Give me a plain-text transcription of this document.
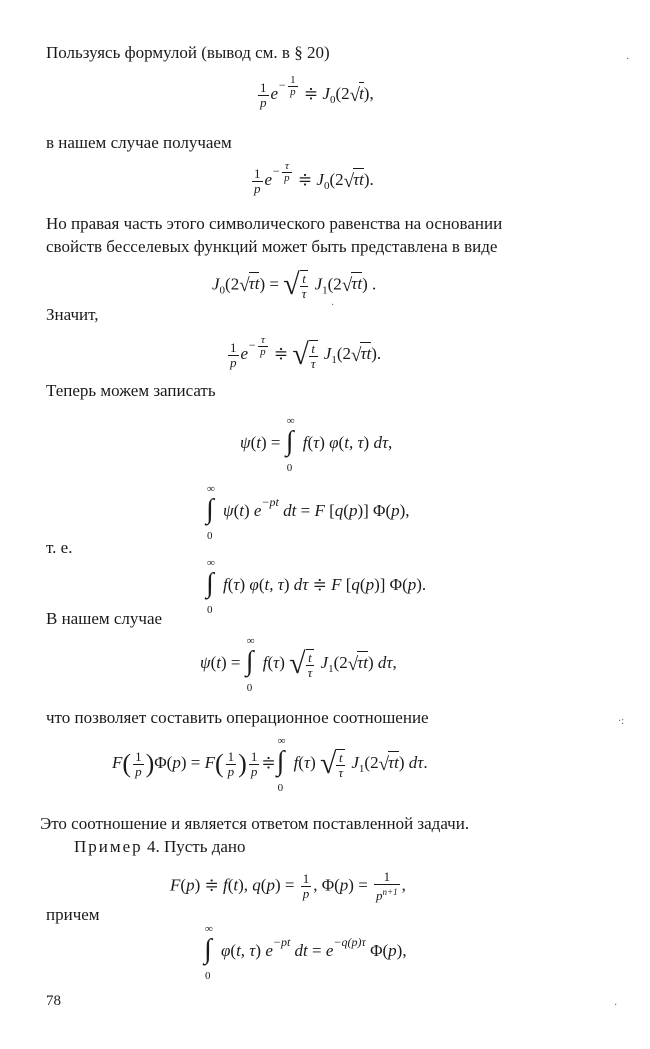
Пользуясь формулой (вывод см. в § 20)
$\frac{1}{p} e^{- \frac{1}{p}}$ ≑ $J_0(2√t)$,
в нашем случае получаем
$\frac{1}{p} e^{- \frac{\tau}{p}}$ ≑ $J_0(2√\tau t)$.
Но правая часть этого символического равенства на основании
свойств бесселевых функций может быть представлена в виде
$J_0(2√\tau t)$ = √ $\frac{t}{\tau} J_1(2√\tau t)$ .
Значит,
$\frac{1}{p} e^{- \frac{\tau}{p}}$ ≑ √ $\frac{t}{\tau} J_1(2√\tau t)$.
Теперь можем записать
ψ(t) =
∞
∫
0
f(τ) φ(t, τ) dτ,
∞
∫
0
ψ(t) $e^{-pt}$ dt = F [q(p)] Φ(p),
т. е.
∞
∫
0
f(τ) φ(t, τ) dτ ≑ F [q(p)] Φ(p).
В нашем случае
ψ(t) =
∞
∫
0
f(τ) √ $\frac{t}{\tau} J_1(2√\tau t)$ dτ,
что позволяет составить операционное соотношение
$F( \frac{1}{p} )\Phi(p) = F( \frac{1}{p}$ ) $\frac{1}{p}$ ≑
∞
∫
0
f(τ) √ $\frac{t}{\tau} J_1(2√\tau t)$ dτ.
Это соотношение и является ответом поставленной задачи.
Пример 4. Пусть дано
F(p) ≑ f(t), $q(p) = \frac{1}{p}$ , $\Phi(p) = \frac{1}{p^{n+1}}$ ,
причем
∞
∫
0
φ(t, τ) $e^{-pt}$ dt = $e^{-q(p)\tau}$ Φ(p),
78
·
·:
·
·
